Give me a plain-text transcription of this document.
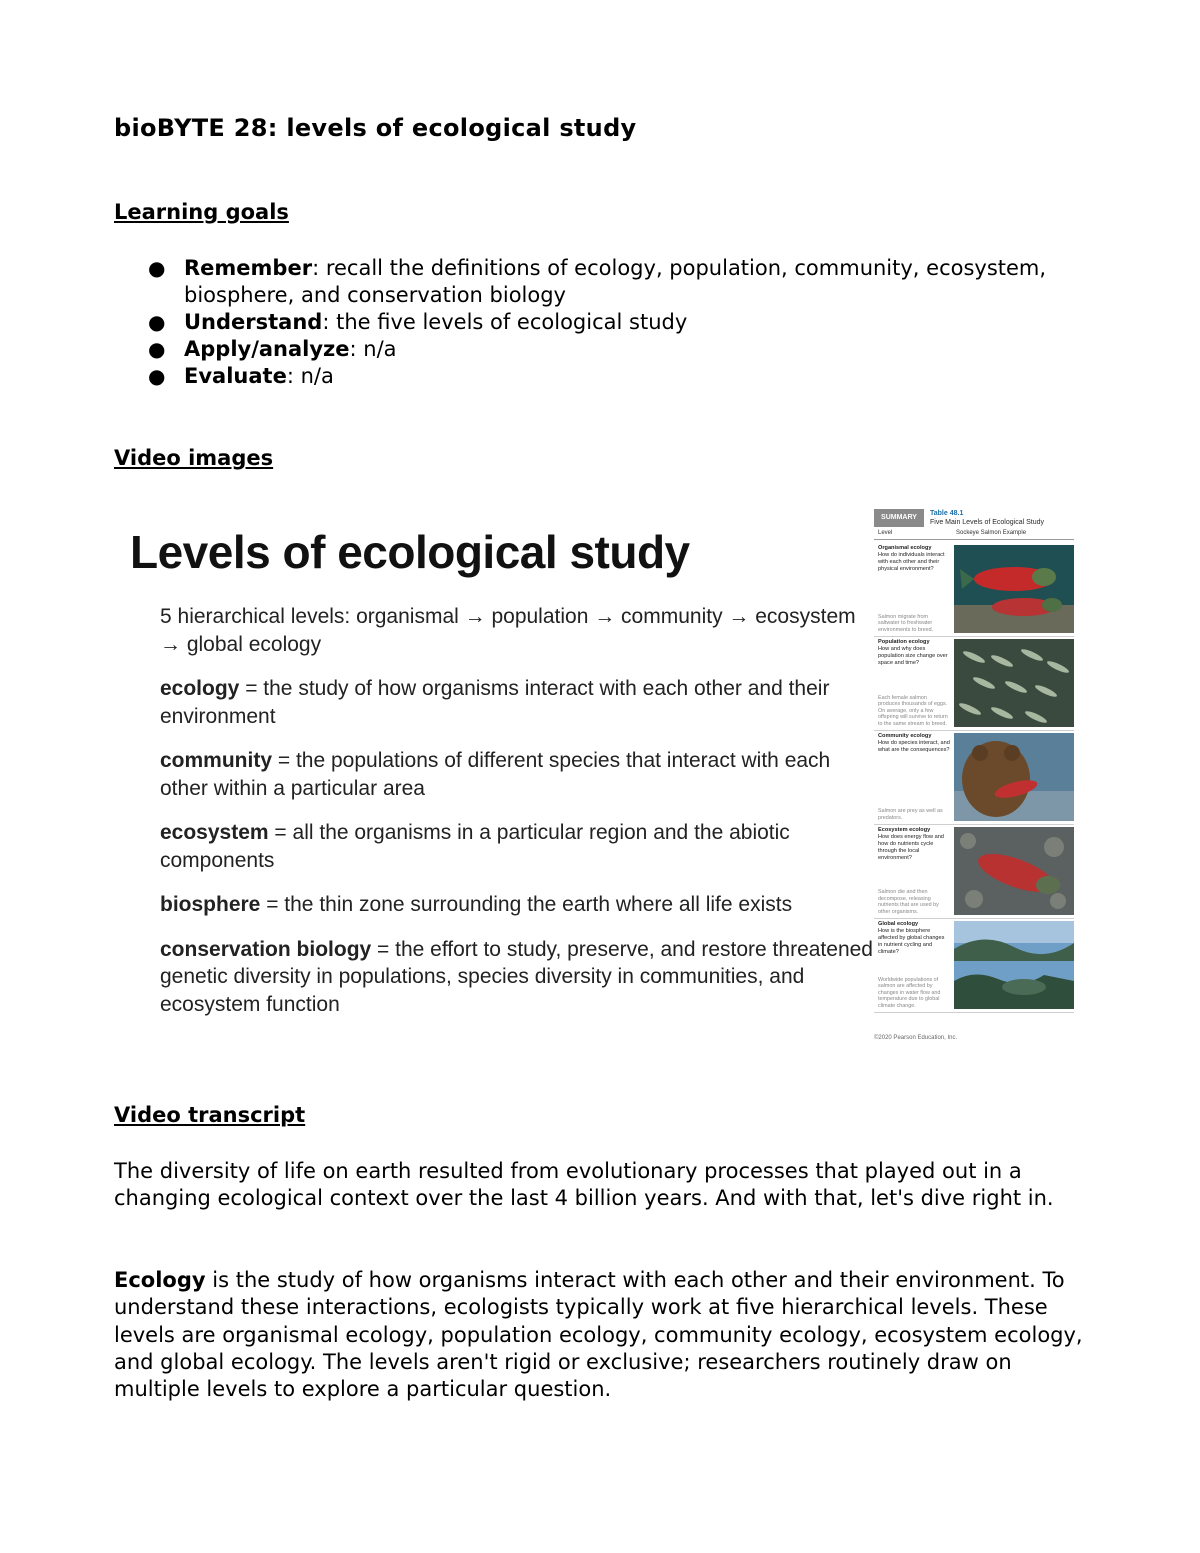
bioBYTE 28: levels of ecological study
Learning goals
● Remember: recall the definitions of ecology, population, community, ecosystem, biosphere, and conservation biology
● Understand: the five levels of ecological study
● Apply/analyze: n/a
● Evaluate: n/a
Video images
Levels of ecological study
5 hierarchical levels: organismal → population → community → ecosystem → global ecology
ecology = the study of how organisms interact with each other and their environment
community = the populations of different species that interact with each other within a particular area
ecosystem = all the organisms in a particular region and the abiotic components
biosphere = the thin zone surrounding the earth where all life exists
conservation biology = the effort to study, preserve, and restore threatened genetic diversity in populations, species diversity in communities, and ecosystem function
SUMMARY
Table 48.1
Five Main Levels of Ecological Study
Level	Sockeye Salmon Example
Organismal ecology
How do individuals interact with each other and their physical environment?
Salmon migrate from saltwater to freshwater environments to breed.
Population ecology
How and why does population size change over space and time?
Each female salmon produces thousands of eggs. On average, only a few offspring will survive to return to the same stream to breed.
Community ecology
How do species interact, and what are the consequences?
Salmon are prey as well as predators.
Ecosystem ecology
How does energy flow and how do nutrients cycle through the local environment?
Salmon die and then decompose, releasing nutrients that are used by other organisms.
Global ecology
How is the biosphere affected by global changes in nutrient cycling and climate?
Worldwide populations of salmon are affected by changes in water flow and temperature due to global climate change.
©2020 Pearson Education, Inc.
Video transcript
The diversity of life on earth resulted from evolutionary processes that played out in a changing ecological context over the last 4 billion years. And with that, let's dive right in.
Ecology is the study of how organisms interact with each other and their environment. To understand these interactions, ecologists typically work at five hierarchical levels. These levels are organismal ecology, population ecology, community ecology, ecosystem ecology, and global ecology. The levels aren't rigid or exclusive; researchers routinely draw on multiple levels to explore a particular question.
